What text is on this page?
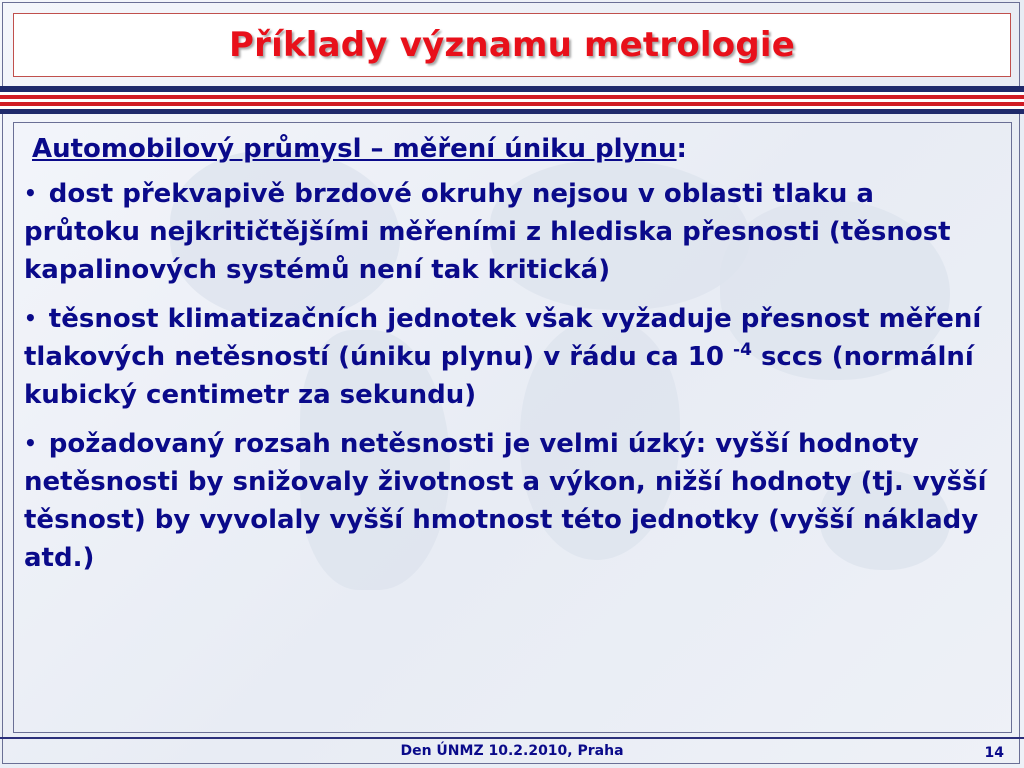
Příklady významu metrologie
Automobilový průmysl – měření úniku plynu:
• dost překvapivě brzdové okruhy nejsou v oblasti tlaku a průtoku nejkritičtějšími měřeními z hlediska přesnosti (těsnost kapalinových systémů není tak kritická)
• těsnost klimatizačních jednotek však vyžaduje přesnost měření tlakových netěsností (úniku plynu) v řádu ca 10 $^{-4}$ sccs (normální kubický centimetr za sekundu)
• požadovaný rozsah netěsnosti je velmi úzký: vyšší hodnoty netěsnosti by snižovaly životnost a výkon, nižší hodnoty (tj. vyšší těsnost) by vyvolaly vyšší hmotnost této jednotky (vyšší náklady atd.)
Den ÚNMZ 10.2.2010, Praha	14
